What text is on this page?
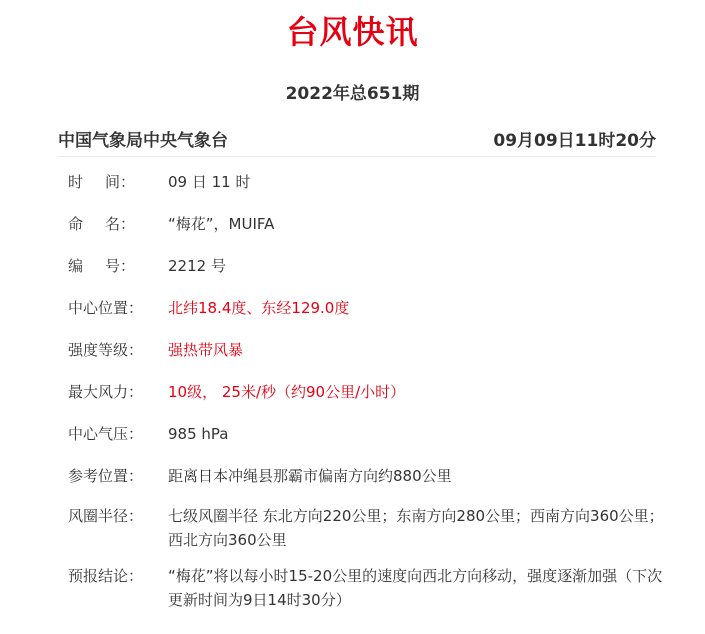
台风快讯
2022年总651期
中国气象局中央气象台	09月09日11时20分
时 间：	09 日 11 时
命 名：	“梅花”，MUIFA
编 号：	2212 号
中心位置：	北纬18.4度、东经129.0度
强度等级：	强热带风暴
最大风力：	10级， 25米/秒（约90公里/小时）
中心气压：	985 hPa
参考位置：	距离日本冲绳县那霸市偏南方向约880公里
风圈半径：	七级风圈半径 东北方向220公里；东南方向280公里；西南方向360公里；西北方向360公里
预报结论：	“梅花”将以每小时15-20公里的速度向西北方向移动，强度逐渐加强（下次更新时间为9日14时30分）
